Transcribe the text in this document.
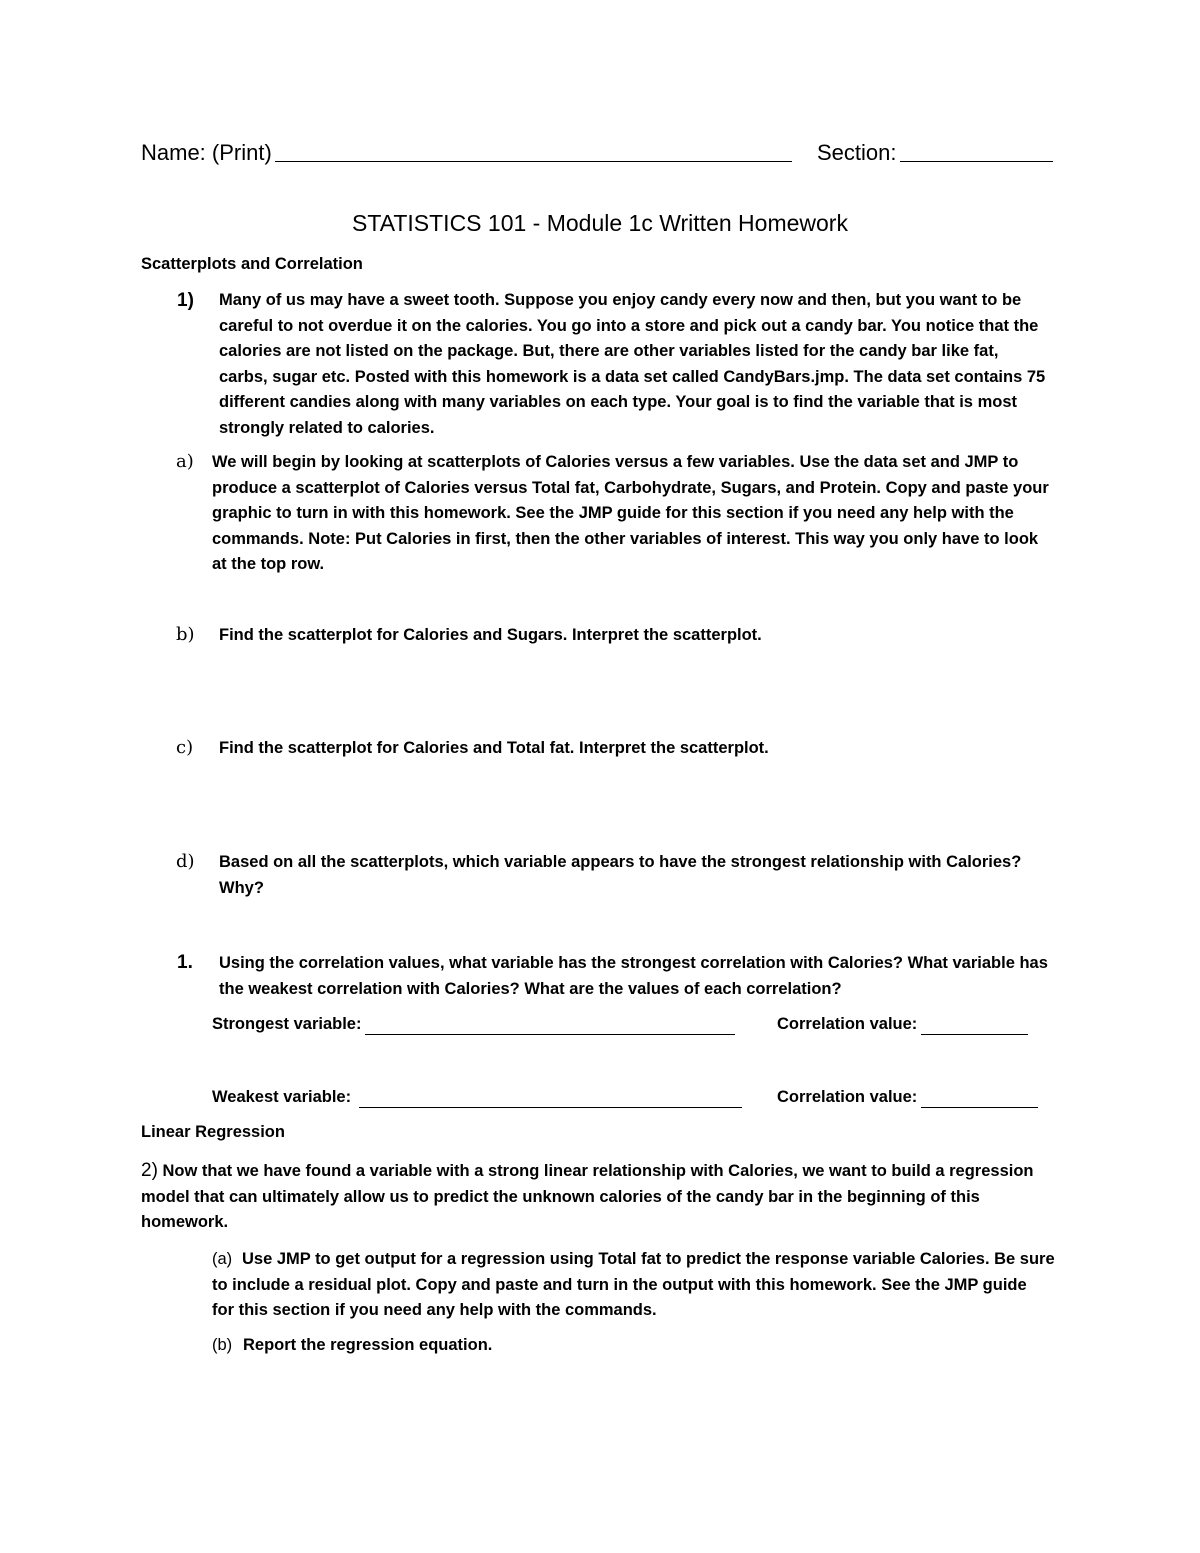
Name: (Print)	Section:
STATISTICS 101 - Module 1c Written Homework
Scatterplots and Correlation
1) Many of us may have a sweet tooth. Suppose you enjoy candy every now and then, but you want to be
careful to not overdue it on the calories. You go into a store and pick out a candy bar. You notice that the
calories are not listed on the package. But, there are other variables listed for the candy bar like fat,
carbs, sugar etc. Posted with this homework is a data set called CandyBars.jmp. The data set contains 75
different candies along with many variables on each type. Your goal is to find the variable that is most
strongly related to calories.
a) We will begin by looking at scatterplots of Calories versus a few variables. Use the data set and JMP to
produce a scatterplot of Calories versus Total fat, Carbohydrate, Sugars, and Protein. Copy and paste your
graphic to turn in with this homework. See the JMP guide for this section if you need any help with the
commands. Note: Put Calories in first, then the other variables of interest. This way you only have to look
at the top row.
b) Find the scatterplot for Calories and Sugars. Interpret the scatterplot.
c) Find the scatterplot for Calories and Total fat. Interpret the scatterplot.
d) Based on all the scatterplots, which variable appears to have the strongest relationship with Calories?
Why?
1. Using the correlation values, what variable has the strongest correlation with Calories? What variable has
the weakest correlation with Calories? What are the values of each correlation?
Strongest variable:	Correlation value:
Weakest variable:	Correlation value:
Linear Regression
2) Now that we have found a variable with a strong linear relationship with Calories, we want to build a regression
model that can ultimately allow us to predict the unknown calories of the candy bar in the beginning of this
homework.
(a) Use JMP to get output for a regression using Total fat to predict the response variable Calories. Be sure
to include a residual plot. Copy and paste and turn in the output with this homework. See the JMP guide
for this section if you need any help with the commands.
(b) Report the regression equation.
